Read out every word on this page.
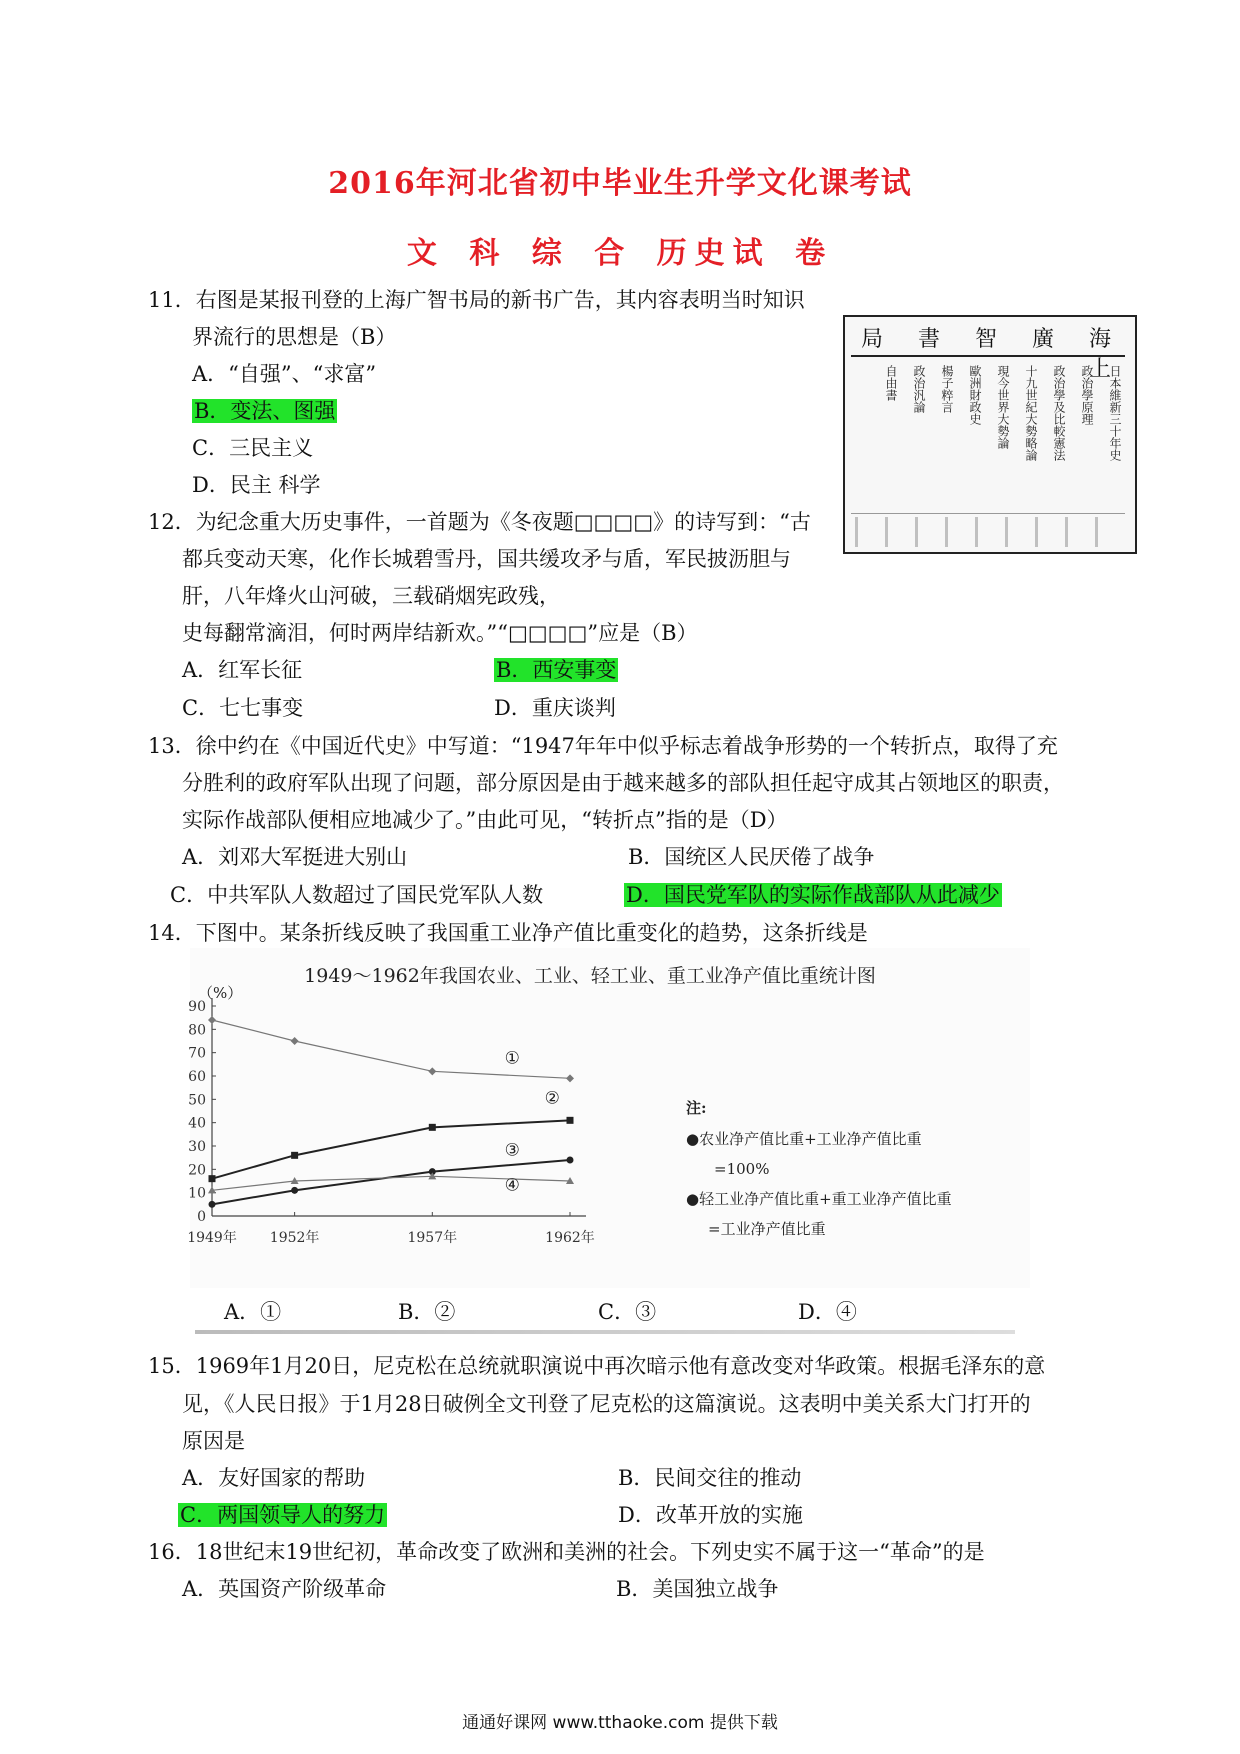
2016年河北省初中毕业生升学文化课考试
文 科 综 合 历史试 卷
11．右图是某报刊登的上海广智书局的新书广告，其内容表明当时知识
界流行的思想是（B）
A．“自强”、“求富”
B．变法、图强
C．三民主义
D．民主 科学
局 書 智 廣 海 上
日本維新三十年史
政治學原理
政治學及比較憲法
十九世紀大勢略論
現今世界大勢論
歐洲財政史
楊子粹言
政治汎論
自由書
12．为纪念重大历史事件，一首题为《冬夜题□□□□》的诗写到：“古
都兵变动天寒，化作长城碧雪丹，国共缓攻矛与盾，军民披沥胆与
肝，八年烽火山河破，三载硝烟宪政残，
史每翻常滴泪，何时两岸结新欢。”“□□□□”应是（B）
A．红军长征	B．西安事变
C．七七事变	D．重庆谈判
13．徐中约在《中国近代史》中写道：“1947年年中似乎标志着战争形势的一个转折点，取得了充
分胜利的政府军队出现了问题，部分原因是由于越来越多的部队担任起守成其占领地区的职责，
实际作战部队便相应地减少了。”由此可见，“转折点”指的是（D）
A．刘邓大军挺进大别山	B．国统区人民厌倦了战争
C．中共军队人数超过了国民党军队人数	D．国民党军队的实际作战部队从此减少
14．下图中。某条折线反映了我国重工业净产值比重变化的趋势，这条折线是
1949～1962年我国农业、工业、轻工业、重工业净产值比重统计图
（%）
0
10
20
30
40
50
60
70
80
90
1949年 1952年	1957年	1962年
①
②
③
④
注:
●农业净产值比重+工业净产值比重
=100%
●轻工业净产值比重+重工业净产值比重
=工业净产值比重
A．①	B．②	C．③	D．④
15．1969年1月20日，尼克松在总统就职演说中再次暗示他有意改变对华政策。根据毛泽东的意
见，《人民日报》于1月28日破例全文刊登了尼克松的这篇演说。这表明中美关系大门打开的
原因是
A．友好国家的帮助	B．民间交往的推动
C．两国领导人的努力	D．改革开放的实施
16．18世纪末19世纪初，革命改变了欧洲和美洲的社会。下列史实不属于这一“革命”的是
A．英国资产阶级革命	B．美国独立战争
通通好课网 www.tthaoke.com 提供下载
